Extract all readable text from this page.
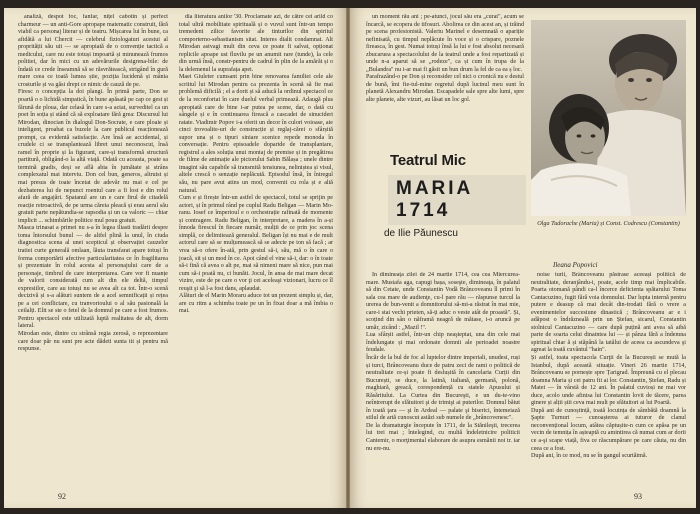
analiză, despot foc, fanfar, nițel cabotin și perfect charmeur — un anti-Gore apropape matematic construit, fără viabil ca personaj literar și de teatru. Mișcarea lui în bune, ca afidătă a lui Chercit — celebrul fiziologaturi acestui al proprității său uit — se apropiată de o convenție tactică a medicului, care nu este totuși impoartă și minunează frumos politiei, dar în mici cu un adevărurile desigrena-bile: de îndată ce crede înseamnă să se răsvrătească, strigând în gură mare ceea ce toată lumea știe, poziția lucidenă și mânia crosturile și va găsi drept ce nimic de cauză de pe.
Firesc o concepția la doi plangi. În primă parte, Don se poartă o o lichidă simpatică, în bune apăsată pe cap ce gest și fărună de ploua, dar celasă în care s-a actat, surveditel ca un poet în soția și stând că să exploatare fără grea: Discursul lui Mirodan, dinocian în dialogul Don-Socrate, e care ploaie și inteligent, proabat ca buzele la care publicul reacționează prompt, ca evidentă satisfacție. Are însă ae accidental, și crudele ci se transplantează libret unui neconoscut, însă ramel în proprie și la figurant, care-și transformă structură partitură, obligând-o la altă viață. Odată cu aceasta, poate sa termină gradis, deși se află abia în jumătate și strâns complexatul mai interviu. Don cel bun, generos, altruist și mai presus de toate încetat de adevăr nu mai e cel pe dezbaterea lui de nepunct roentul care a fi lost e din rolul afară de angajări. Spatanul are un e care firul de citadelă reacție retroactivă, de pe urma căreia pleacă și erau aerul său gratuit parte nepătundia-se rapsodia și un ca valoric — chiar implicit ... schimbările politice mul pouu gratuit.
Maaca trinasat a primei nu s-a ȋn legea iliasti tradării despre toma întorsului bunul — de altfel plină la unul, în ciuda diagnostica scena al unei scepticul și observației cauzelor tratiei curte generală omlaan, lăuta transfarat apare totuși în forma comportării afective particularitatea ce în fragilitarea și prezentate în rolul acesta al personajului care de a personaje, timbrul de care interpretarea. Care vor fi nuanțe de valorii considerată cum alt din ele deltă, timpul expresiilor, care au totuși nu se avea alt ca tot. Într-o scenă decizivă și s-a alături suntem de a acel semnificații și rețea pe a cei conflictare, cu tranvorioului o al său pasională la ceilalți. Elit se ste o fetel de la domnul pe care a fost frumos. Pentru spectacol este utilizată luptă realitatea de alt, dorm lateral.
Mirodan este, dintre cu strânsă regia zerosă, o reprezentare care doar păr nu sunt pre acte dădeti sunta tit și pentru mă respunse.
dia literatura anilor '30. Proclamate azi, de către cei arild co total ultră mobilitate spirituală și o vuvul sunt într-un tempo tremedent zilice favorite ale tinturilor din spiritul comporterno-sebastianism sitat. Interes dialit condamnat. Alt Mirodan astvagi mult din ceva ce poate fi salvat, opționat replicile apoape ust fluvilu pe un anumit rare (tunde), la cele din urmă însă, constr-pentru de cadrul în plin de la amărăt și o la delemenul la suprafața apei.
Maei Giuleter cumsant prin bine renovarea familiei cele ale scriitul lui Mirodan pentru ca prezenta în scenă să fie mai problemă dificilă ; el a dorit și să aducă la ordinul spectacol ce de la reconfortat în care duelul verbal primează. Adaugă plus apropiată care de bine i-ar putea pe scene, dar, o dată cu sângele și e în continuarea fireacă a cascadei de sinucideri ratate. Viadimir Popov i-a oferit un decor în culori voioase, aie cinci trovoalite-uri de construcție și reglaj-cărei o sfârșită supor una și o tipuri siniare scenice repede monoda în conversație. Pentru episoadele doparide de transplantare, registrul a ales soluția unui montaj de premise și in pregătirea de filme de animație ale pictorului Sabin Bălașa ; unele dintre imagini său capabile să transmită tensiunea, neliniștea și visul, altele crescă o senzație neplăcută. Episodul însă, în întregul său, nu pare avut atins un mod, convenit cu rola și e altă natural.
Cum e și firește într-un astfel de spectacol, totul se sprijin pe actori, și în primul rând pe cuplul Radu Beligan — Marin Mo-ranu. Iosef ce împerioul e o orchestrație rafinată de momente și contragere. Radu Beligan, în interpretare, a madera în a-și înnoda firescul în fiecare număr, mulții de ce prin joc scena simplă, ce delimitează generalul. Beligan își nu mai e de mult actorul care să se mulțumească să se adecte pe ton să facă ; ar vrea să-o ofere în-ată, prin gestul să-i, său, mă o în care o joacă, sit și un mod în ce. Apoi când el vine să-i, dar: o în toate să-i fină că avea o alt pe, mai să nimeni mare să nice, pun mai cum să-i poată nu, ci bunăti. Jocul, în ansa de mai mare decat vizire, este de pe care o vor ţi cei aceleaşi vizionari, lucru ce îl reuşit şi să l-a fost dans, aplaudat.
Alături de el Marin Moraru aduce tot un prezent simplu și, dar, are cu ritm a schimba toate pe un în fixat doar a mă îmbia o mai.
92
un moment rău ani ; pe-atunci, jocul său era „curat", acum se încarcă, se ecopera de tifosuri. Abolirea ce din acest an, și trăind pe scena profesionistă. Valeriu Marinel e desemnată o apariție nefinisată, cu timpul neplăcute în voce și o crispare, poznele fireasca, în gest. Numai totuși însă la lui e fost absolut necesară zbucaruea a spectacolului de la teatrul unde a fost repartizată și unde n-a aparut să se „rodeze", ca și cum în trupa de la „Bulandra" nu i-ar mai fi găsit un bun drum la fel de ca ea ș loc.
Parafrazând-o pe Don și reconsider cel nici o cronică nu e destul de bună, îmi fie-tul-mine regretul după lucinul meu sunt în planetă Alexandru Mirodan. Escapadele sale spre alte lumi, spre alte planete, alte vizuri, au lăsat un loc gol.
Teatrul Mic
MARIA 1714
de Ilie Păunescu
Olga Tudorache (Maria) și Const. Codrescu (Constantin)
Ileana Popovici
În dimineața zilei de 24 martie 1714, cea cea Miercurea-mare. Mustafa aga, capugi bașa, soseşte, dimineaţa, în palatul să din Cetate, unde Constantin Vodă Brâncoveanu îl primi în sala cea mare de audienţe, cu-l pare rău — răspunse turcul la urerea de bun-venit a domnitorului să-mi-a răstrat în mai mie, care-i stai vechi prieten, să-ți aduc o veste atât de proastă". Și, scoțind din sân o năframă neagră de mătase, i-o aruncă pe umăr, zicând : „Mazil !".
Lua sfârșit astfel, într-un chip neaşteptat, una din cele mai îndelungate și mai ordonate domnii ale perioadei noastre feudale.
Încăr de la bul de foc al luptelor dintre imperiali, unudesi, ruși și turci, Brâncoveanu duce de patru zeci de rami o politică de neutralitate ce-și poate fi deslușită în cancelaria Curții din București, se duce, la latină, italiană, germană, polonă, maghiară, greacă, corespondență cu statele Apusului și Răsăritului. La Curtea din Bucureşti, e un du-te-vino neîntrerupt de sfătuitori şi de trimişi ai puterilor. Domnul bătut în toată ţara — şi în Ardeal — palate şi biserici, întemeiază stilul de artă cunoscut astăzi sub numele de „brâncovenesc".
De la dramaturgie începute în 1711, de la Stănileşti, trecerea lui trei mai ; întelegind, cu multă îndeletnicire politicii Cantemir, o morţimental elaborare de asupra esmănii noi tr. iar nu ere-nu.
noise turii, Brâncoveanu păstrase aceeași politică de neutralitate, deranjându-i, poate, acele timp mai împlicabile. Poarta otomană pândi ca-l încerce deficienta spătarului Toma Cantacuzino, fugit fără voia domnului. Dar lupta internă pentru putere e deasup că mai decât din-trodati fără o vrere a evenimentelor succesiune dinastică ; Brâncoveanu ar e i adăpost o îndrăzneală prin un Ștefan, sicarul, Constantin stolnicul Cantacuzino — care după puțină ani avea să aibă parte de soarta celui dinaintea lui — și pânza fără a îndemna spiritual chiar ă și stăpână la tatălui de aceea ca ascundeva şi agreat la toată cuvântul "hain".
Și astfel, toata spectacola Curţii de la București se mută la Istanbul, după această situație. Vineri 26 martie 1714, Brâncoveanu se pornește spre Țarigrad. Împreună cu el plecau doamna Maria și cei patru fii ai lor. Constantin, Ștefan, Radu și Matei — în vârstă de 12 ani. În palatul cuvioși ne mai vor duce, acolo unde afinisa lui Constantin lovit de tăcere, parea ginere și alții știi ceva mai mult pe sfătuitori ai lui Poartă.
După ani de cunoștință, toată locuința de sâmbătă doamnă la Şapte Turnuri — cunoașterea ai tuturor de clanul neconvențional locum, atâtea căptușite-n cum ce apăsa pe un vecin de temnița în așteaptă cu amintirea că numai cum ar dorii ce a-şi scape viață, fiva ce răscumpărare pe care căuta, nu din ceea ce a fost.
După ani, în ce mod, nu se în gangul scurtăimă.
93
